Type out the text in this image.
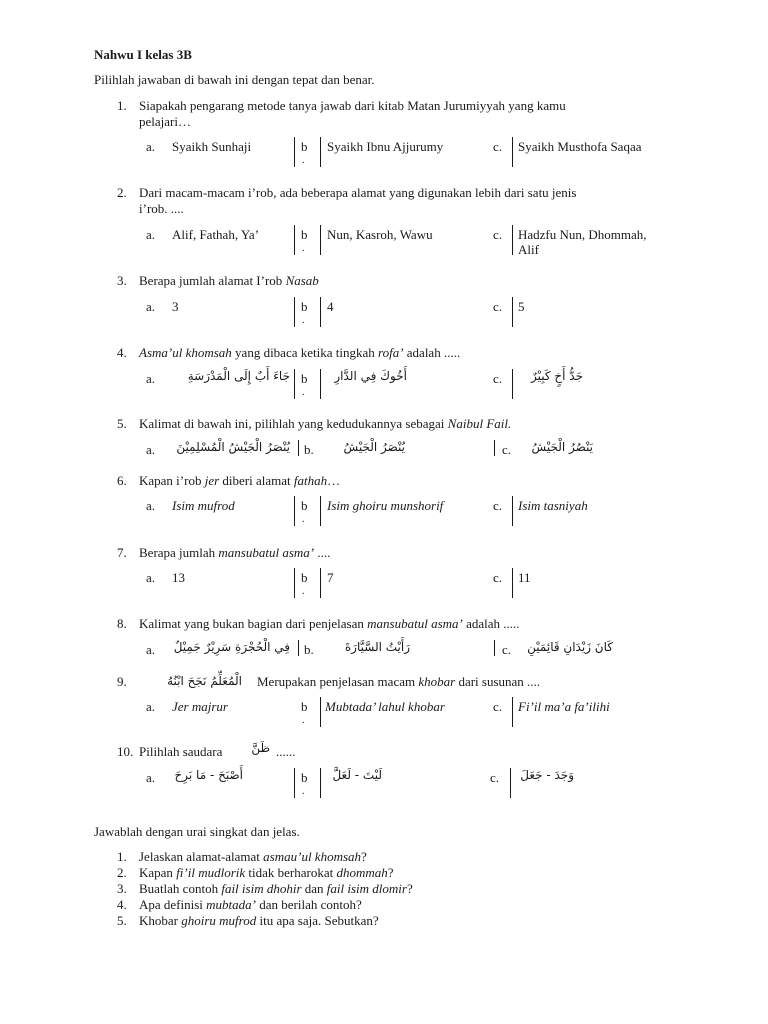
Nahwu I kelas 3B
Pilihlah jawaban di bawah ini dengan tepat dan benar.
1. Siapakah pengarang metode tanya jawab dari kitab Matan Jurumiyyah yang kamu
pelajari…
a. Syaikh Sunhaji	b
.
Syaikh Ibnu Ajjurumy	c. Syaikh Musthofa Saqaa
2. Dari macam-macam i’rob, ada beberapa alamat yang digunakan lebih dari satu jenis
i’rob. ....
a. Alif, Fathah, Ya’	b
.
Nun, Kasroh, Wawu	c. Hadzfu Nun, Dhommah,
Alif
3. Berapa jumlah alamat I’rob Nasab
a. 3	b
.
4	c. 5
4. Asma’ul khomsah yang dibaca ketika tingkah rofa’ adalah .....
a.	جَاءَ أَبٌ إِلَى الْمَدْرَسَةِ b
.
أَخُوكَ فِي الدَّارِ	c.	جَدُّ أَخٍ كَبِيْرٌ
5. Kalimat di bawah ini, pilihlah yang kedudukannya sebagai Naibul Fail.
a. يُنْصَرُ الْجَيْشُ الْمُسْلِمِيْنَ b.	يُنْصَرُ الْجَيْشُ	c.	يَنْصُرُ الْجَيْشُ
6. Kapan i’rob jer diberi alamat fathah…
a. Isim mufrod	b
.
Isim ghoiru munshorif	c. Isim tasniyah
7. Berapa jumlah mansubatul asma’ ....
a. 13	b
.
7	c. 11
8. Kalimat yang bukan bagian dari penjelasan mansubatul asma’ adalah .....
a. فِي الْحُجْرَةِ سَرِيْرٌ جَمِيْلٌ b.	رَأَيْتُ السَّيَّارَةَ	c.	كَانَ زَيْدَانِ قَائِمَيْنِ
9.	الْمُعَلِّمُ نَجَحَ ابْنُهُ Merupakan penjelasan macam khobar dari susunan ....
a. Jer majrur	b
.
Mubtada’ lahul khobar	c. Fi’il ma’a fa’ilihi
10. Pilihlah saudara	ظَنَّ ......
a.	أَصْبَحَ - مَا بَرِحَ	b
.
لَيْتَ - لَعَلَّ	c. وَجَدَ - جَعَلَ
Jawablah dengan urai singkat dan jelas.
1. Jelaskan alamat-alamat asmau’ul khomsah?
2. Kapan fi’il mudlorik tidak berharokat dhommah?
3. Buatlah contoh fail isim dhohir dan fail isim dlomir?
4. Apa definisi mubtada’ dan berilah contoh?
5. Khobar ghoiru mufrod itu apa saja. Sebutkan?
